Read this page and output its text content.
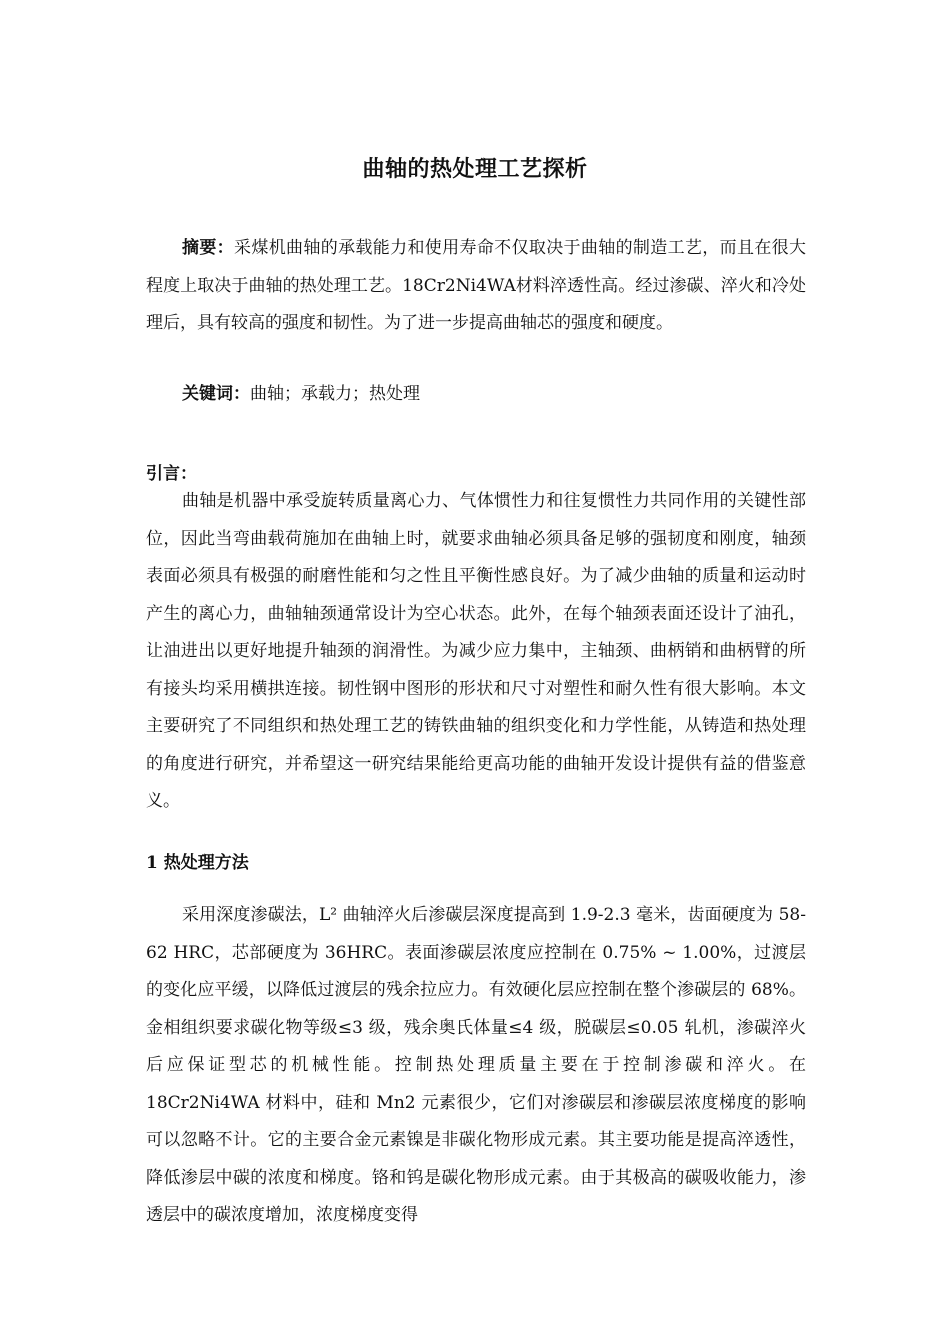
曲轴的热处理工艺探析
摘要：采煤机曲轴的承载能力和使用寿命不仅取决于曲轴的制造工艺，而且在很大程度上取决于曲轴的热处理工艺。18Cr2Ni4WA材料淬透性高。经过渗碳、淬火和冷处理后，具有较高的强度和韧性。为了进一步提高曲轴芯的强度和硬度。
关键词：曲轴；承载力；热处理
引言：
曲轴是机器中承受旋转质量离心力、气体惯性力和往复惯性力共同作用的关键性部位，因此当弯曲载荷施加在曲轴上时，就要求曲轴必须具备足够的强韧度和刚度，轴颈表面必须具有极强的耐磨性能和匀之性且平衡性感良好。为了减少曲轴的质量和运动时产生的离心力，曲轴轴颈通常设计为空心状态。此外，在每个轴颈表面还设计了油孔，让油进出以更好地提升轴颈的润滑性。为减少应力集中，主轴颈、曲柄销和曲柄臂的所有接头均采用横拱连接。韧性钢中图形的形状和尺寸对塑性和耐久性有很大影响。本文主要研究了不同组织和热处理工艺的铸铁曲轴的组织变化和力学性能，从铸造和热处理的角度进行研究，并希望这一研究结果能给更高功能的曲轴开发设计提供有益的借鉴意义。
1 热处理方法
采用深度渗碳法，L² 曲轴淬火后渗碳层深度提高到 1.9-2.3 毫米，齿面硬度为 58-62 HRC，芯部硬度为 36HRC。表面渗碳层浓度应控制在 0.75% ~ 1.00%，过渡层的变化应平缓，以降低过渡层的残余拉应力。有效硬化层应控制在整个渗碳层的 68%。金相组织要求碳化物等级≤3 级，残余奥氏体量≤4 级，脱碳层≤0.05 轧机，渗碳淬火后应保证型芯的机械性能。控制热处理质量主要在于控制渗碳和淬火。在 18Cr2Ni4WA 材料中，硅和 Mn2 元素很少，它们对渗碳层和渗碳层浓度梯度的影响可以忽略不计。它的主要合金元素镍是非碳化物形成元素。其主要功能是提高淬透性，降低渗层中碳的浓度和梯度。铬和钨是碳化物形成元素。由于其极高的碳吸收能力，渗透层中的碳浓度增加，浓度梯度变得
